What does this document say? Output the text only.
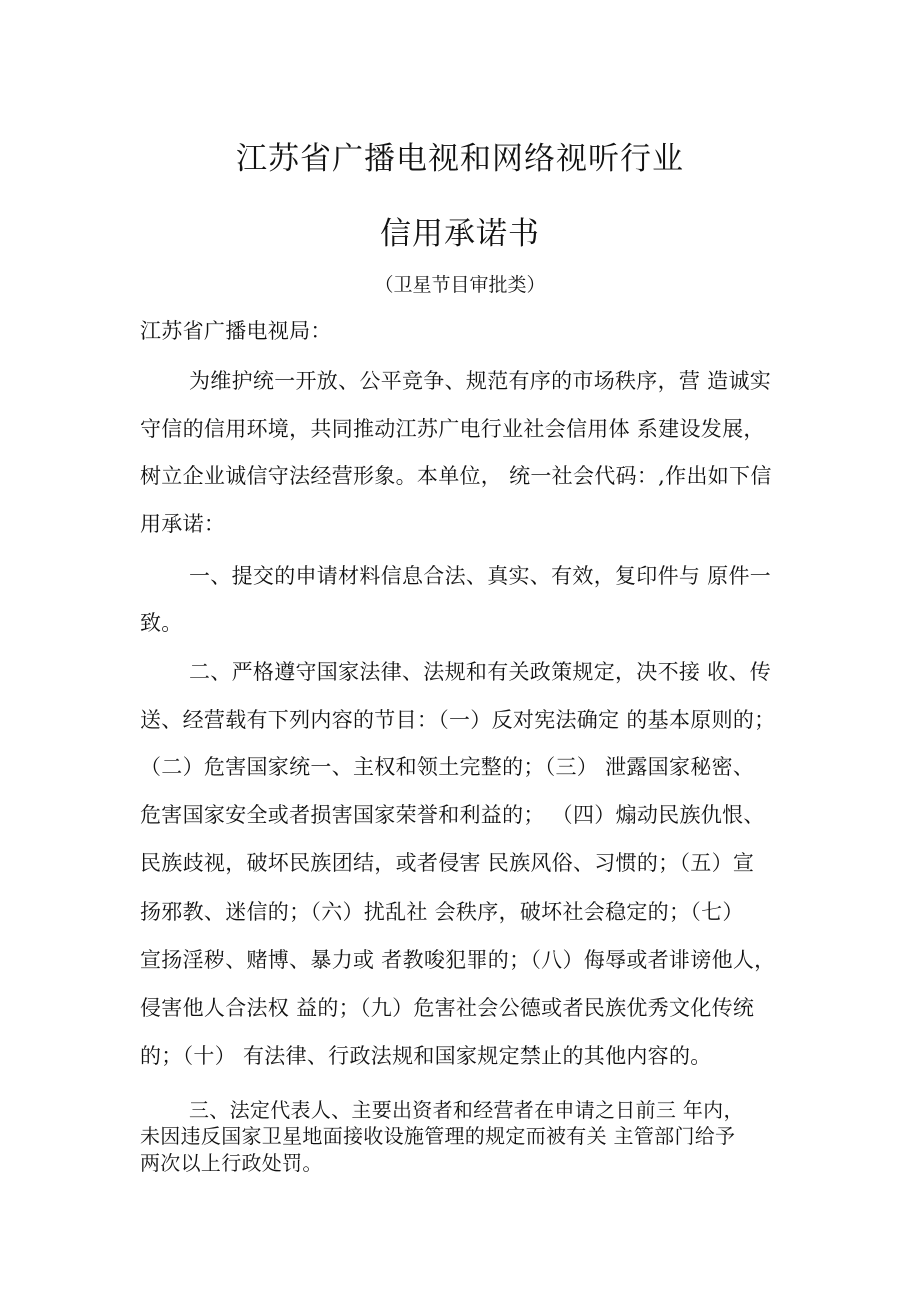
江苏省广播电视和网络视听行业
信用承诺书
（卫星节目审批类）
江苏省广播电视局：
为维护统一开放、公平竞争、规范有序的市场秩序，营 造诚实
守信的信用环境，共同推动江苏广电行业社会信用体 系建设发展，
树立企业诚信守法经营形象。本单位， 统一社会代码：,作出如下信
用承诺：
一、提交的申请材料信息合法、真实、有效，复印件与 原件一
致。
二、严格遵守国家法律、法规和有关政策规定，决不接 收、传
送、经营载有下列内容的节目：（一）反对宪法确定 的基本原则的；
（二）危害国家统一、主权和领土完整的；（三） 泄露国家秘密、
危害国家安全或者损害国家荣誉和利益的； （四）煽动民族仇恨、
民族歧视，破坏民族团结，或者侵害 民族风俗、习惯的；（五）宣
扬邪教、迷信的；（六）扰乱社 会秩序，破坏社会稳定的；（七）
宣扬淫秽、赌博、暴力或 者教唆犯罪的；（八）侮辱或者诽谤他人，
侵害他人合法权 益的；（九）危害社会公德或者民族优秀文化传统
的；（十） 有法律、行政法规和国家规定禁止的其他内容的。
三、法定代表人、主要出资者和经营者在申请之日前三 年内，
未因违反国家卫星地面接收设施管理的规定而被有关 主管部门给予
两次以上行政处罚。
